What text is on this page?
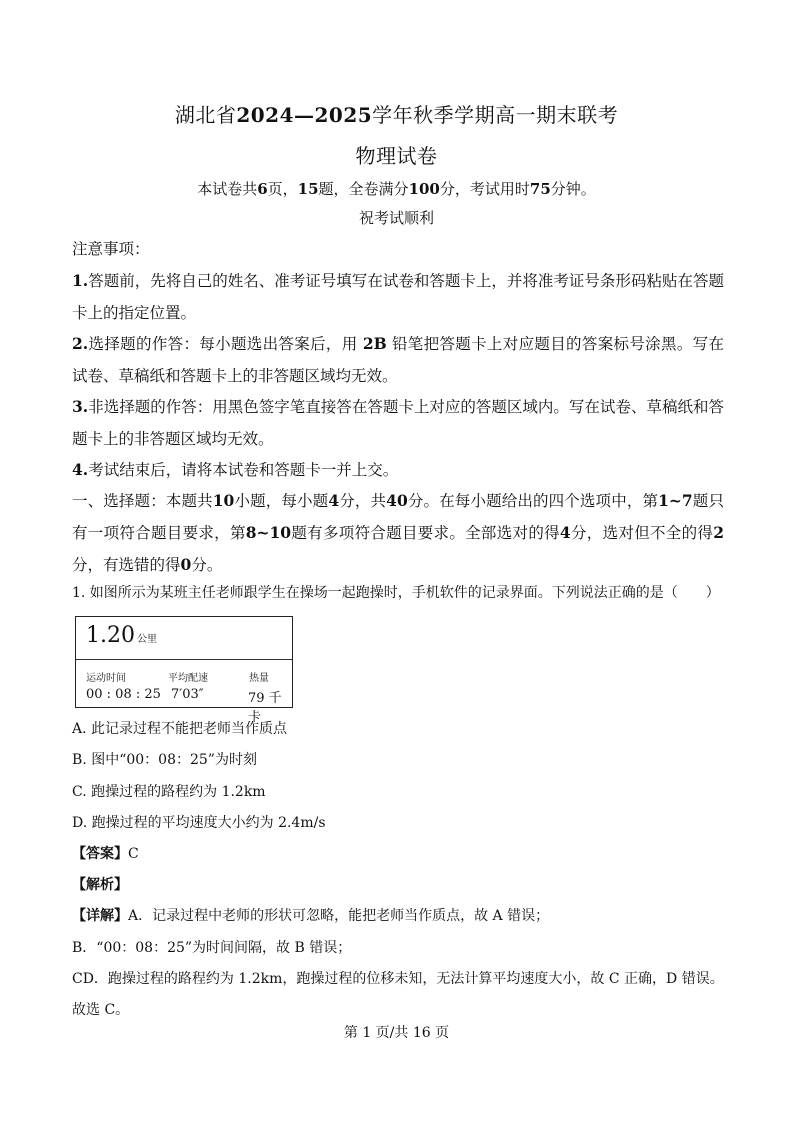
湖北省2024—2025学年秋季学期高一期末联考
物理试卷
本试卷共6页，15题，全卷满分100分，考试用时75分钟。
祝考试顺利
注意事项：
1.答题前，先将自己的姓名、准考证号填写在试卷和答题卡上，并将准考证号条形码粘贴在答题卡上的指定位置。
2.选择题的作答：每小题选出答案后，用 2B 铅笔把答题卡上对应题目的答案标号涂黑。写在试卷、草稿纸和答题卡上的非答题区域均无效。
3.非选择题的作答：用黑色签字笔直接答在答题卡上对应的答题区域内。写在试卷、草稿纸和答题卡上的非答题区域均无效。
4.考试结束后，请将本试卷和答题卡一并上交。
一、选择题：本题共10小题，每小题4分，共40分。在每小题给出的四个选项中，第1~7题只有一项符合题目要求，第8~10题有多项符合题目要求。全部选对的得4分，选对但不全的得2分，有选错的得0分。
1. 如图所示为某班主任老师跟学生在操场一起跑操时，手机软件的记录界面。下列说法正确的是（　　）
1.20 公里
运动时间	平均配速	热量
00 : 08 : 25 7′03″	79 千卡
A. 此记录过程不能把老师当作质点
B. 图中“00：08：25”为时刻
C. 跑操过程的路程约为 1.2km
D. 跑操过程的平均速度大小约为 2.4m/s
【答案】C
【解析】
【详解】A．记录过程中老师的形状可忽略，能把老师当作质点，故 A 错误；
B．“00：08：25”为时间间隔，故 B 错误；
CD．跑操过程的路程约为 1.2km，跑操过程的位移未知，无法计算平均速度大小，故 C 正确，D 错误。
故选 C。
第 1 页/共 16 页
